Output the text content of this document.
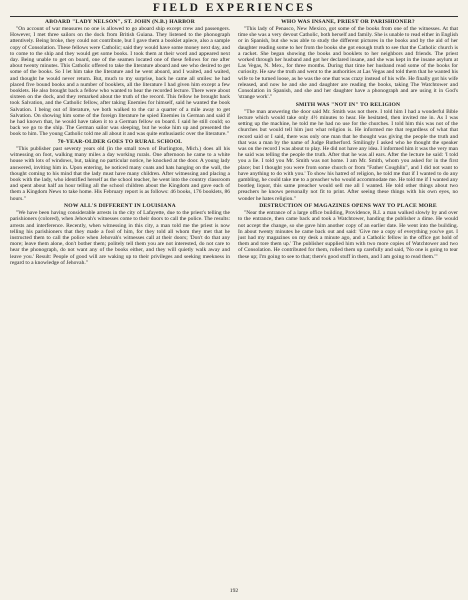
FIELD EXPERIENCES
ABOARD "LADY NELSON", ST. JOHN (N.B.) HARBOR

"On account of war measures no one is allowed to go aboard ship except crew and passengers. However, I met three sailors on the dock from British Guiana. They listened to the phonograph attentively. Being broke, they could not contribute, but I gave them a booklet apiece, also a sample copy of Consolation. These fellows were Catholic; said they would have some money next day, and to come to the ship and they would get some books. I took them at their word and appeared next day. Being unable to get on board, one of the seamen located one of these fellows for me after about twenty minutes. This Catholic offered to take the literature aboard and see who desired to get some of the books. So I let him take the literature and he went aboard, and I waited, and waited, and thought he would never return. But, much to my surprise, back he came all smiles: he had placed five bound books and a number of booklets, all the literature I had given him except a few booklets. He also brought back a fellow who wanted to hear the recorded lecture. There were about sixteen on the dock, and they remarked about the truth of the record. This fellow he brought back took Salvation, and the Catholic fellow, after taking Enemies for himself, said he wanted the book Salvation. I being out of literature, we both walked to the car a quarter of a mile away to get Salvation. On showing him some of the foreign literature he spied Enemies in German and said if he had known that, he would have taken it to a German fellow on board. I said he still could; so back we go to the ship. The German sailor was sleeping, but he woke him up and presented the book to him. The young Catholic told me all about it and was quite enthusiastic over the literature."

70-YEAR-OLDER GOES TO RURAL SCHOOL

"This publisher past seventy years old (in the small town of Burlington, Mich.) does all his witnessing on foot, walking many miles a day working rurals. One afternoon he came to a white house with lots of windows, but, taking no particular notice, he knocked at the door. A young lady answered, inviting him in. Upon entering, he noticed many coats and hats hanging on the wall, the thought coming to his mind that the lady must have many children. After witnessing and placing a book with the lady, who identified herself as the school teacher, he went into the country classroom and spent about half an hour telling all the school children about the Kingdom and gave each of them a Kingdom News to take home. His February report is as follows: 46 books, 176 booklets, 86 hours."

NOW ALL'S DIFFERENT IN LOUISIANA

"We have been having considerable arrests in the city of Lafayette, due to the priest's telling the parishioners (colored), when Jehovah's witnesses come to their doors to call the police. The results: arrests and interference. Recently, when witnessing in this city, a man told me the priest is now telling his parishioners that they made a fool of him, for they told all whom they met that he instructed them to call the police when Jehovah's witnesses call at their doors; 'Don't do that any more; leave them alone, don't bother them; politely tell them you are not interested, do not care to hear the phonograph, do not want any of the books either, and they will quietly walk away and leave you.' Result: People of good will are waking up to their privileges and seeking meekness in regard to a knowledge of Jehovah."

WHO WAS INSANE, PRIEST OR PARISHIONER?

"This lady of Penasco, New Mexico, got some of the books from one of the witnesses. At that time she was a very devout Catholic, both herself and family. She is unable to read either in English or in Spanish, but she was able to study the different pictures in the books and by the aid of her daughter reading some to her from the books she got enough truth to see that the Catholic church is a racket. She began showing the books and booklets to her neighbors and friends. The priest worked through her husband and got her declared insane, and she was kept in the insane asylum at Las Vegas, N. Mex., for three months. During that time her husband read some of the books for curiosity. He saw the truth and went to the authorities at Las Vegas and told them that he wanted his wife to be turned loose, as he was the one that was crazy instead of his wife. He finally got his wife released, and now he and she and daughter are reading the books, taking The Watchtower and Consolation in Spanish, and she and her daughter have a phonograph and are using it in God's 'strange work'."

SMITH WAS "NOT IN" TO RELIGION

"The man answering the door said Mr. Smith was not there. I told him I had a wonderful Bible lecture which would take only 4½ minutes to hear. He hesitated, then invited me in. As I was setting up the machine, he told me he had no use for the churches. I told him this was not of the churches but would tell him just what religion is. He informed me that regardless of what that record said or I said, there was only one man that he thought was giving the people the truth and that was a man by the name of Judge Rutherford. Smilingly I asked who he thought the speaker was on the record I was about to play. He did not have any idea. I informed him it was the very man he said was telling the people the truth. After that he was all ears. After the lecture he said: 'I told you a lie. I told you Mr. Smith was not home. I am Mr. Smith, whom you asked for in the first place; but I thought you were from some church or from "Father Coughlin", and I did not want to have anything to do with you.' To show his hatred of religion, he told me that if I wanted to do any gambling, he could take me to a preacher who would accommodate me. He told me if I wanted any bootleg liquor, this same preacher would sell me all I wanted. He told other things about two preachers he knows personally not fit to print. After seeing these things with his own eyes, no wonder he hates religion."

DESTRUCTION OF MAGAZINES OPENS WAY TO PLACE MORE

"Near the entrance of a large office building, Providence, R.I. a man walked slowly by and over to the entrance, then came back and took a Watchtower, handing the publisher a dime. He would not accept the change, so she gave him another copy of an earlier date. He went into the building. In about twenty minutes he came back out and said: 'Give me a copy of everything you've got. I just had my magazines on my desk a minute ago, and a Catholic fellow in the office got hold of them and tore them up.' The publisher supplied him with two more copies of Watchtower and two of Consolation. He contributed for them, rolled them up carefully and said, 'No one is going to tear these up; I'm going to see to that; there's good stuff in them, and I am going to read them.'"

192
